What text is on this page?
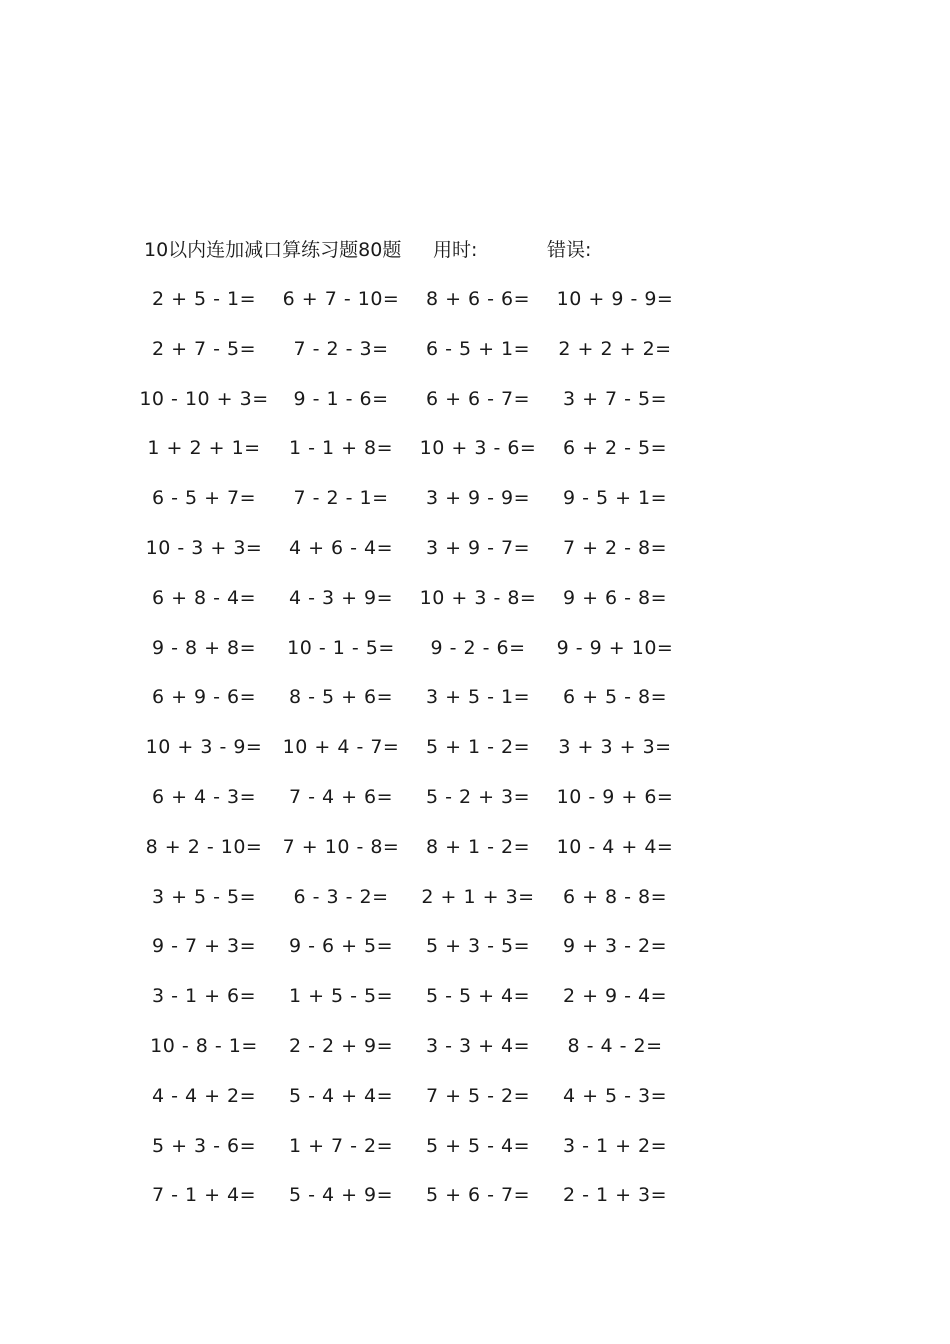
10以内连加减口算练习题80题 用时:	错误:
2 + 5 - 1= 6 + 7 - 10= 8 + 6 - 6= 10 + 9 - 9=
2 + 7 - 5= 7 - 2 - 3= 6 - 5 + 1= 2 + 2 + 2=
10 - 10 + 3= 9 - 1 - 6= 6 + 6 - 7= 3 + 7 - 5=
1 + 2 + 1= 1 - 1 + 8= 10 + 3 - 6= 6 + 2 - 5=
6 - 5 + 7= 7 - 2 - 1= 3 + 9 - 9= 9 - 5 + 1=
10 - 3 + 3= 4 + 6 - 4= 3 + 9 - 7= 7 + 2 - 8=
6 + 8 - 4= 4 - 3 + 9= 10 + 3 - 8= 9 + 6 - 8=
9 - 8 + 8= 10 - 1 - 5= 9 - 2 - 6= 9 - 9 + 10=
6 + 9 - 6= 8 - 5 + 6= 3 + 5 - 1= 6 + 5 - 8=
10 + 3 - 9= 10 + 4 - 7= 5 + 1 - 2= 3 + 3 + 3=
6 + 4 - 3= 7 - 4 + 6= 5 - 2 + 3= 10 - 9 + 6=
8 + 2 - 10= 7 + 10 - 8= 8 + 1 - 2= 10 - 4 + 4=
3 + 5 - 5= 6 - 3 - 2= 2 + 1 + 3= 6 + 8 - 8=
9 - 7 + 3= 9 - 6 + 5= 5 + 3 - 5= 9 + 3 - 2=
3 - 1 + 6= 1 + 5 - 5= 5 - 5 + 4= 2 + 9 - 4=
10 - 8 - 1= 2 - 2 + 9= 3 - 3 + 4= 8 - 4 - 2=
4 - 4 + 2= 5 - 4 + 4= 7 + 5 - 2= 4 + 5 - 3=
5 + 3 - 6= 1 + 7 - 2= 5 + 5 - 4= 3 - 1 + 2=
7 - 1 + 4= 5 - 4 + 9= 5 + 6 - 7= 2 - 1 + 3=
